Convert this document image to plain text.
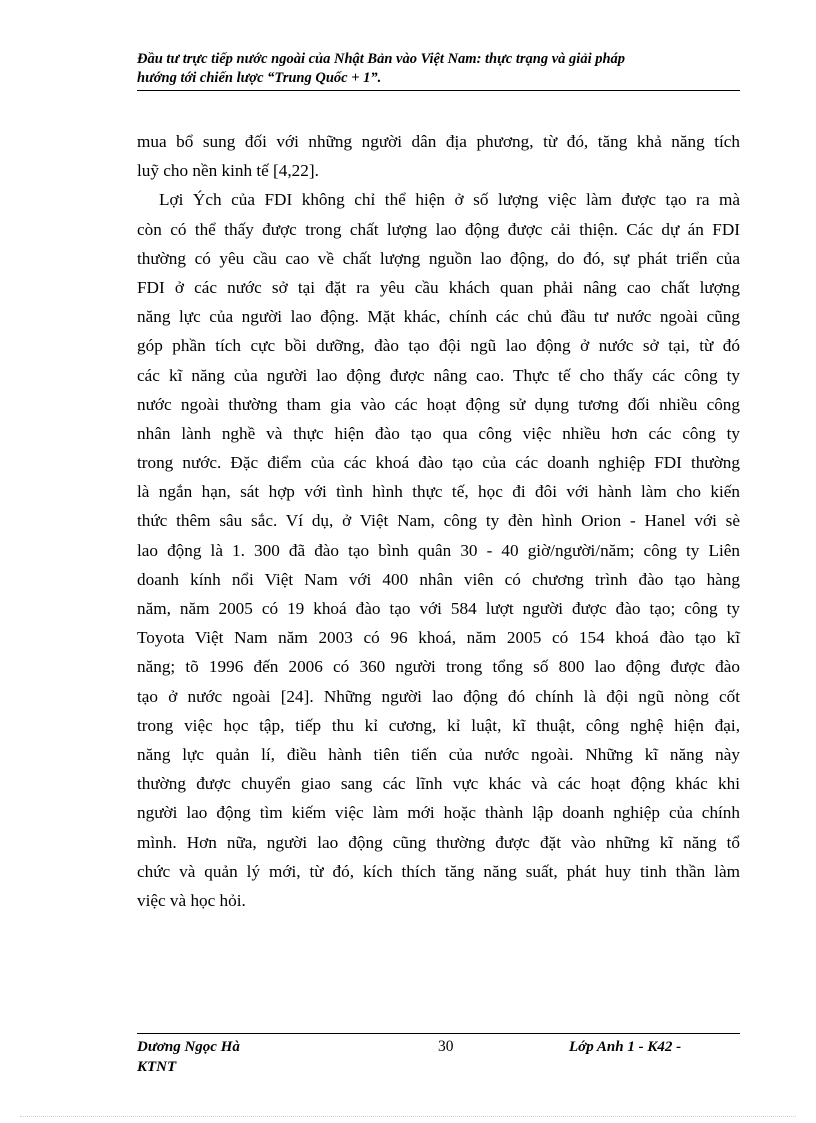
Đầu tư trực tiếp nước ngoài của Nhật Bản vào Việt Nam: thực trạng và giải pháp
hướng tới chiến lược “Trung Quốc + 1”.
mua bổ sung đối với những người dân địa phương, từ đó, tăng khả năng tích
luỹ cho nền kinh tế [4,22].
Lợi Ých của FDI không chỉ thể hiện ở số lượng việc làm được tạo ra mà
còn có thể thấy được trong chất lượng lao động được cải thiện. Các dự án FDI
thường có yêu cầu cao về chất lượng nguồn lao động, do đó, sự phát triển của
FDI ở các nước sở tại đặt ra yêu cầu khách quan phải nâng cao chất lượng
năng lực của người lao động. Mặt khác, chính các chủ đầu tư nước ngoài cũng
góp phần tích cực bồi dưỡng, đào tạo đội ngũ lao động ở nước sở tại, từ đó
các kĩ năng của người lao động được nâng cao. Thực tế cho thấy các công ty
nước ngoài thường tham gia vào các hoạt động sử dụng tương đối nhiều công
nhân lành nghề và thực hiện đào tạo qua công việc nhiều hơn các công ty
trong nước. Đặc điểm của các khoá đào tạo của các doanh nghiệp FDI thường
là ngắn hạn, sát hợp với tình hình thực tế, học đi đôi với hành làm cho kiến
thức thêm sâu sắc. Ví dụ, ở Việt Nam, công ty đèn hình Orion - Hanel với sè
lao động là 1. 300 đã đào tạo bình quân 30 - 40 giờ/người/năm; công ty Liên
doanh kính nổi Việt Nam với 400 nhân viên có chương trình đào tạo hàng
năm, năm 2005 có 19 khoá đào tạo với 584 lượt người được đào tạo; công ty
Toyota Việt Nam năm 2003 có 96 khoá, năm 2005 có 154 khoá đào tạo kĩ
năng; tõ 1996 đến 2006 có 360 người trong tổng số 800 lao động được đào
tạo ở nước ngoài [24]. Những người lao động đó chính là đội ngũ nòng cốt
trong việc học tập, tiếp thu kỉ cương, kỉ luật, kĩ thuật, công nghệ hiện đại,
năng lực quản lí, điều hành tiên tiến của nước ngoài. Những kĩ năng này
thường được chuyển giao sang các lĩnh vực khác và các hoạt động khác khi
người lao động tìm kiếm việc làm mới hoặc thành lập doanh nghiệp của chính
mình. Hơn nữa, người lao động cũng thường được đặt vào những kĩ năng tổ
chức và quản lý mới, từ đó, kích thích tăng năng suất, phát huy tinh thần làm
việc và học hỏi.
Dương Ngọc Hà
KTNT
30	Lớp Anh 1 - K42 -
